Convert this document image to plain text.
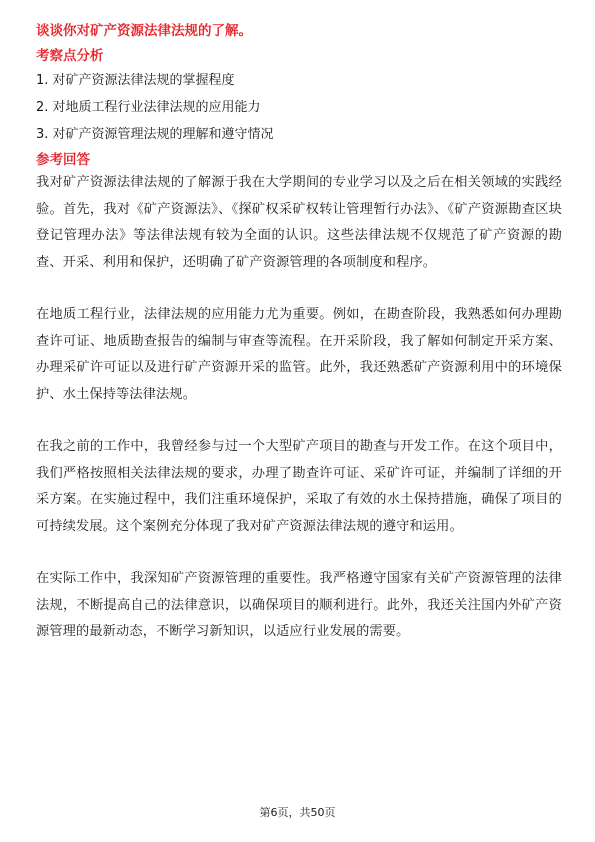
谈谈你对矿产资源法律法规的了解。

考察点分析

1. 对矿产资源法律法规的掌握程度
2. 对地质工程行业法律法规的应用能力
3. 对矿产资源管理法规的理解和遵守情况

参考回答

我对矿产资源法律法规的了解源于我在大学期间的专业学习以及之后在相关领域的实践经验。首先，我对《矿产资源法》、《探矿权采矿权转让管理暂行办法》、《矿产资源勘查区块登记管理办法》等法律法规有较为全面的认识。这些法律法规不仅规范了矿产资源的勘查、开采、利用和保护，还明确了矿产资源管理的各项制度和程序。

在地质工程行业，法律法规的应用能力尤为重要。例如，在勘查阶段，我熟悉如何办理勘查许可证、地质勘查报告的编制与审查等流程。在开采阶段，我了解如何制定开采方案、办理采矿许可证以及进行矿产资源开采的监管。此外，我还熟悉矿产资源利用中的环境保护、水土保持等法律法规。

在我之前的工作中，我曾经参与过一个大型矿产项目的勘查与开发工作。在这个项目中，我们严格按照相关法律法规的要求，办理了勘查许可证、采矿许可证，并编制了详细的开采方案。在实施过程中，我们注重环境保护，采取了有效的水土保持措施，确保了项目的可持续发展。这个案例充分体现了我对矿产资源法律法规的遵守和运用。

在实际工作中，我深知矿产资源管理的重要性。我严格遵守国家有关矿产资源管理的法律法规，不断提高自己的法律意识，以确保项目的顺利进行。此外，我还关注国内外矿产资源管理的最新动态，不断学习新知识，以适应行业发展的需要。

第6页，共50页
